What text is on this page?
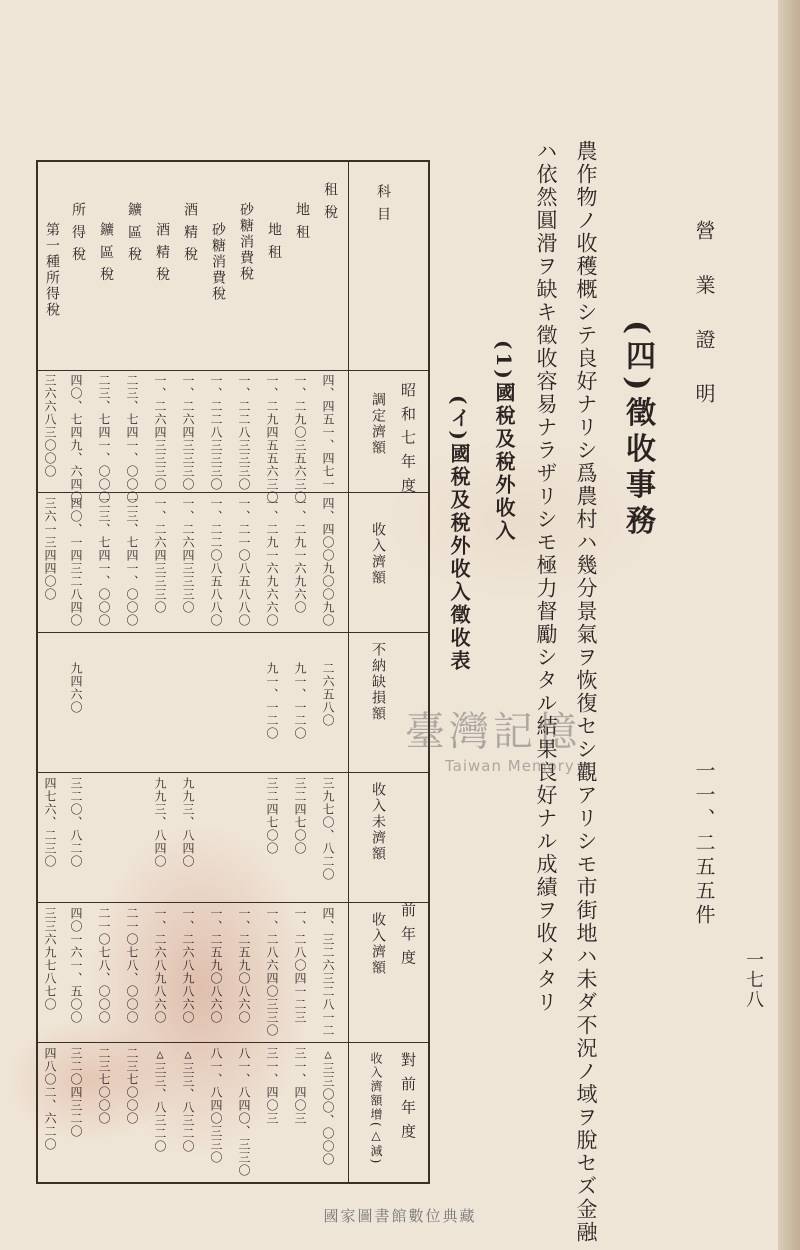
營 業 證 明
一一、二五五件
一七八
(四)徵收事務
農作物ノ收穫概シテ良好ナリシ爲農村ハ幾分景氣ヲ恢復セシ觀アリシモ市街地ハ未ダ不況ノ域ヲ脫セズ金融
ハ依然圓滑ヲ缺キ徵收容易ナラザリシモ極力督勵シタル結果良好ナル成績ヲ收メタリ
(1)國稅及稅外收入
(イ)國稅及稅外收入徵收表
科 目
昭 和 七 年 度
前 年 度
對 前 年 度
調定濟額
收入濟額
不納缺損額
收入未濟額
收入濟額
收入濟額增(△減)
租 稅
地 租
地 租
砂糖消費稅
砂糖消費稅
酒 精 稅
酒 精 稅
鑛 區 稅
鑛 區 稅
所 得 稅
第一種所得稅
四、四五一、四七一
一、二九〇三五六三〇
一、二九四五五六三〇
一、二二八三三三〇
一、二二八三三三〇
一、二六四三三三〇
一、二六四三三三〇
二三、七四一、〇〇〇
二三、七四一、〇〇〇
四〇、七四九、六四〇
三六六八三〇〇〇
四、四〇〇九〇〇九〇
一、二九一六九六〇
一、二九一六九六六〇
一、二一〇八五八八〇
一、二二〇八五八八〇
一、二六四三三三〇
一、二六四三三三〇
二三、七四一、〇〇〇
二三、七四一、〇〇〇
四〇、一四三二八四〇
三六一三四四〇〇
二六五八〇
九一、一二〇
九一、一二〇
九四六〇
三九七〇、八二〇
三二四七〇〇
三二四七〇〇
九九三、八四〇
九九三、八四〇
三二〇、八二〇
四七六、二三〇
四、三二六三二八一二
一、二八〇四一二三
一、二八六四〇三三〇
一、二五九〇八六〇
一、二五九〇八六〇
一、二六八九八六〇
一、二六八九八六〇
二一〇七八、〇〇〇
二一〇七八、〇〇〇
四〇一六一、五〇〇
三三六九七八七〇
△三三〇〇、〇〇〇
三一、四〇三
三一、四〇三
八一、八四〇、三三〇
八一、八四〇三三〇
△三三、八三二〇
△三三、八三二〇
二三七〇〇〇
二三七〇〇〇
三二〇四三二〇
四八〇二、六二〇
臺灣記憶
Taiwan Memory
國家圖書館數位典藏
